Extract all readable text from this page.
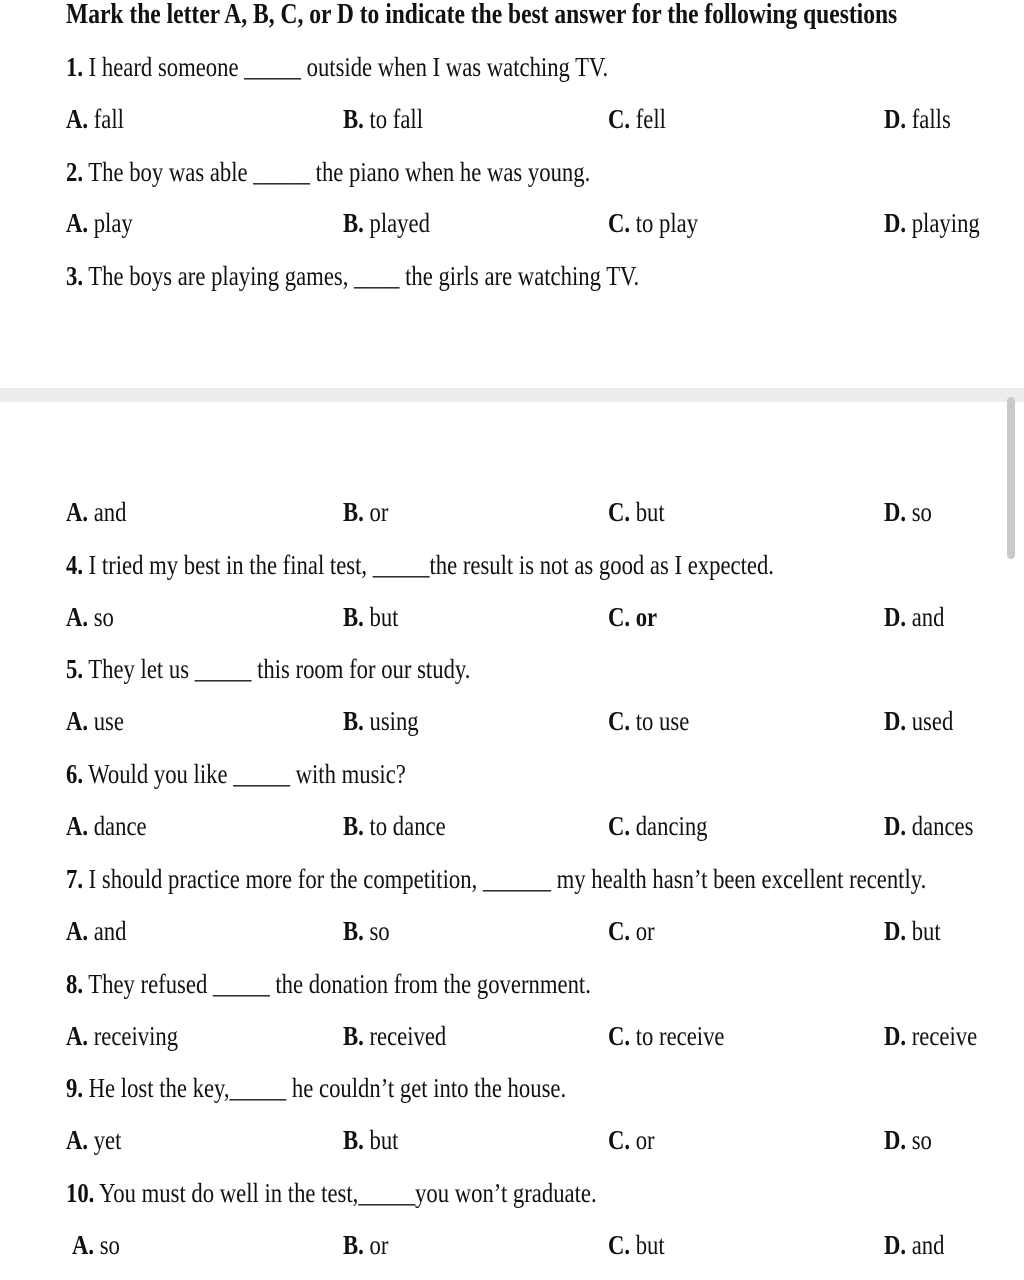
Mark the letter A, B, C, or D to indicate the best answer for the following questions
1. I heard someone _____ outside when I was watching TV.
A. fall	B. to fall	C. fell	D. falls
2. The boy was able _____ the piano when he was young.
A. play	B. played	C. to play	D. playing
3. The boys are playing games, ____ the girls are watching TV.
A. and	B. or	C. but	D. so
4. I tried my best in the final test, _____the result is not as good as I expected.
A. so	B. but	C. or	D. and
5. They let us _____ this room for our study.
A. use	B. using	C. to use	D. used
6. Would you like _____ with music?
A. dance	B. to dance	C. dancing	D. dances
7. I should practice more for the competition, ______ my health hasn’t been excellent recently.
A. and	B. so	C. or	D. but
8. They refused _____ the donation from the government.
A. receiving	B. received	C. to receive	D. receive
9. He lost the key,_____ he couldn’t get into the house.
A. yet	B. but	C. or	D. so
10. You must do well in the test,_____you won’t graduate.
A. so	B. or	C. but	D. and
